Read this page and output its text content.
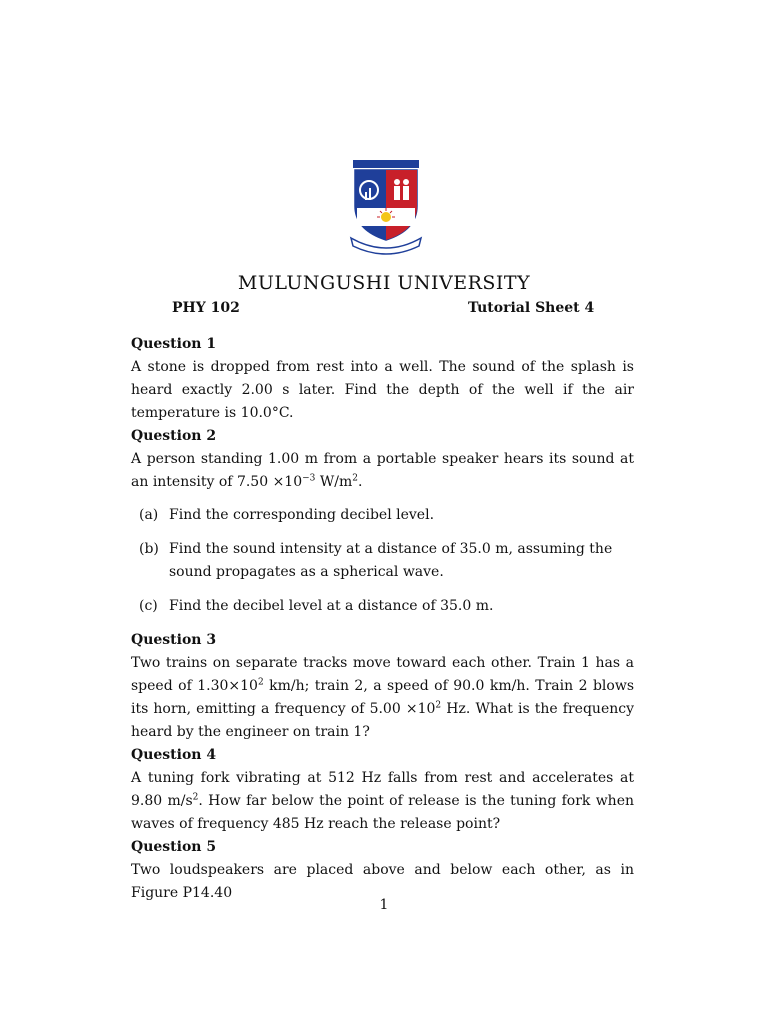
MULUNGUSHI UNIVERSITY
PHY 102	Tutorial Sheet 4

Question 1

A stone is dropped from rest into a well. The sound of the splash is heard exactly 2.00 s later. Find the depth of the well if the air temperature is 10.0°C.

Question 2

A person standing 1.00 m from a portable speaker hears its sound at an intensity of $7.50 \times 10^{-3}$ $W/m^2$.

(a) Find the corresponding decibel level.
(b) Find the sound intensity at a distance of 35.0 m, assuming the sound propagates as a spherical wave.
(c) Find the decibel level at a distance of 35.0 m.

Question 3

Two trains on separate tracks move toward each other. Train 1 has a speed of $1.30\times 10^2$ km/h; train 2, a speed of 90.0 km/h. Train 2 blows its horn, emitting a frequency of $5.00 \times 10^2$ Hz. What is the frequency heard by the engineer on train 1?

Question 4

A tuning fork vibrating at 512 Hz falls from rest and accelerates at 9.80 $m/s^2$. How far below the point of release is the tuning fork when waves of frequency 485 Hz reach the release point?

Question 5

Two loudspeakers are placed above and below each other, as in Figure P14.40

1
